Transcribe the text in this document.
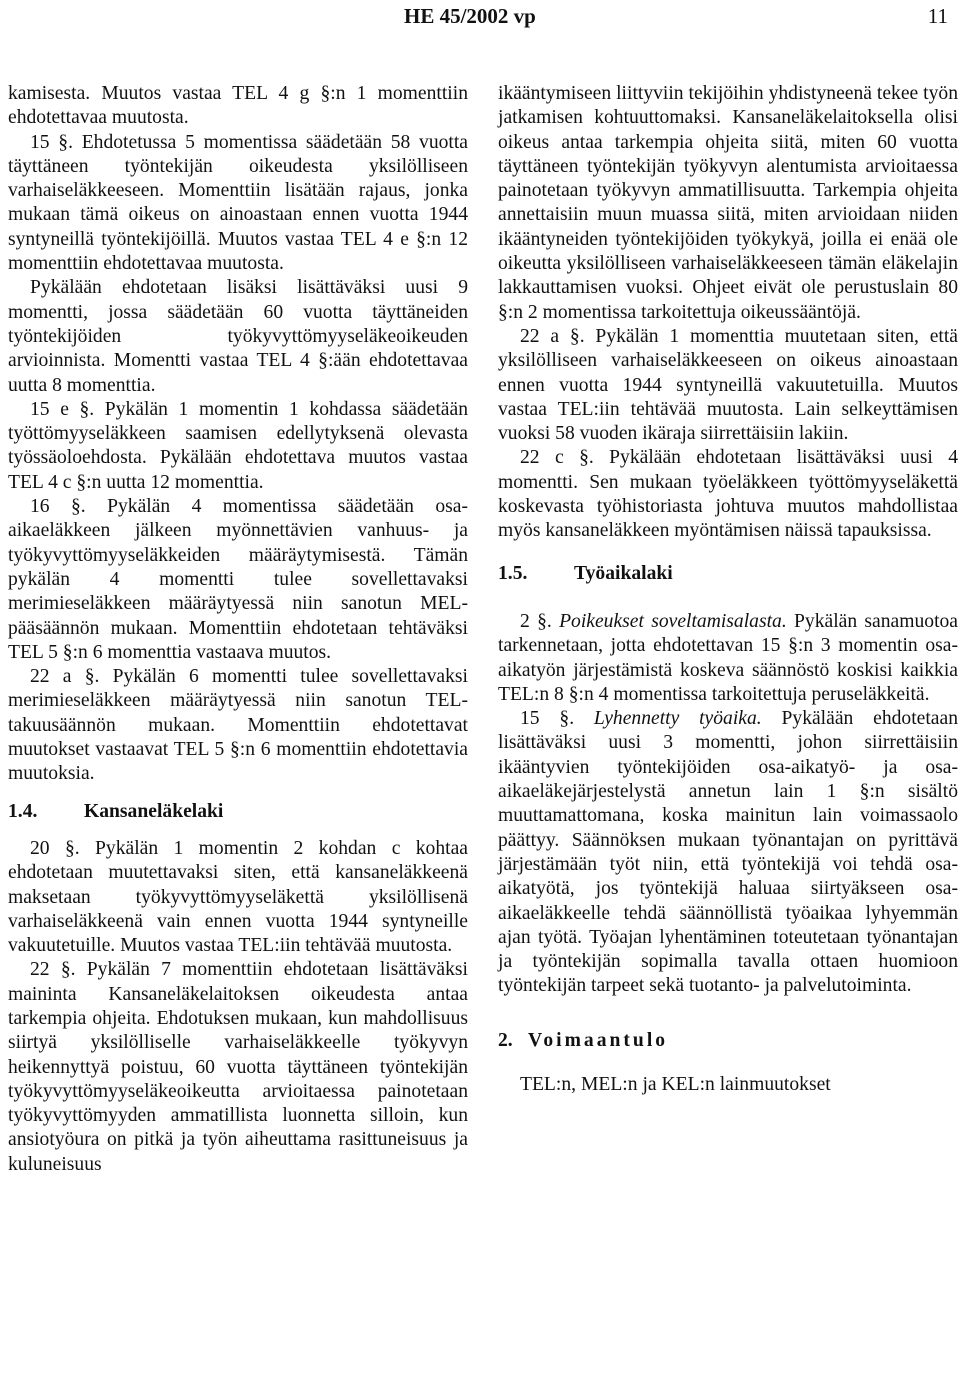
HE 45/2002 vp	11

kamisesta. Muutos vastaa TEL 4 g §:n 1 momenttiin ehdotettavaa muutosta.

15 §. Ehdotetussa 5 momentissa säädetään 58 vuotta täyttäneen työntekijän oikeudesta yksilölliseen varhaiseläkkeeseen. Momenttiin lisätään rajaus, jonka mukaan tämä oikeus on ainoastaan ennen vuotta 1944 syntyneillä työntekijöillä. Muutos vastaa TEL 4 e §:n 12 momenttiin ehdotettavaa muutosta.

Pykälään ehdotetaan lisäksi lisättäväksi uusi 9 momentti, jossa säädetään 60 vuotta täyttäneiden työntekijöiden työkyvyttömyyseläkeoikeuden arvioinnista. Momentti vastaa TEL 4 §:ään ehdotettavaa uutta 8 momenttia.

15 e §. Pykälän 1 momentin 1 kohdassa säädetään työttömyyseläkkeen saamisen edellytyksenä olevasta työssäoloehdosta. Pykälään ehdotettava muutos vastaa TEL 4 c §:n uutta 12 momenttia.

16 §. Pykälän 4 momentissa säädetään osa-aikaeläkkeen jälkeen myönnettävien vanhuus- ja työkyvyttömyyseläkkeiden määräytymisestä. Tämän pykälän 4 momentti tulee sovellettavaksi merimieseläkkeen määräytyessä niin sanotun MEL-pääsäännön mukaan. Momenttiin ehdotetaan tehtäväksi TEL 5 §:n 6 momenttia vastaava muutos.

22 a §. Pykälän 6 momentti tulee sovellettavaksi merimieseläkkeen määräytyessä niin sanotun TEL-takuusäännön mukaan. Momenttiin ehdotettavat muutokset vastaavat TEL 5 §:n 6 momenttiin ehdotettavia muutoksia.

1.4. Kansaneläkelaki

20 §. Pykälän 1 momentin 2 kohdan c kohtaa ehdotetaan muutettavaksi siten, että kansaneläkkeenä maksetaan työkyvyttömyyseläkettä yksilöllisenä varhaiseläkkeenä vain ennen vuotta 1944 syntyneille vakuutetuille. Muutos vastaa TEL:iin tehtävää muutosta.

22 §. Pykälän 7 momenttiin ehdotetaan lisättäväksi maininta Kansaneläkelaitoksen oikeudesta antaa tarkempia ohjeita. Ehdotuksen mukaan, kun mahdollisuus siirtyä yksilölliselle varhaiseläkkeelle työkyvyn heikennyttyä poistuu, 60 vuotta täyttäneen työntekijän työkyvyttömyyseläkeoikeutta arvioitaessa painotetaan työkyvyttömyyden ammatillista luonnetta silloin, kun ansiotyöura on pitkä ja työn aiheuttama rasittuneisuus ja kuluneisuus

ikääntymiseen liittyviin tekijöihin yhdistyneenä tekee työn jatkamisen kohtuuttomaksi. Kansaneläkelaitoksella olisi oikeus antaa tarkempia ohjeita siitä, miten 60 vuotta täyttäneen työntekijän työkyvyn alentumista arvioitaessa painotetaan työkyvyn ammatillisuutta. Tarkempia ohjeita annettaisiin muun muassa siitä, miten arvioidaan niiden ikääntyneiden työntekijöiden työkykyä, joilla ei enää ole oikeutta yksilölliseen varhaiseläkkeeseen tämän eläkelajin lakkauttamisen vuoksi. Ohjeet eivät ole perustuslain 80 §:n 2 momentissa tarkoitettuja oikeussääntöjä.

22 a §. Pykälän 1 momenttia muutetaan siten, että yksilölliseen varhaiseläkkeeseen on oikeus ainoastaan ennen vuotta 1944 syntyneillä vakuutetuilla. Muutos vastaa TEL:iin tehtävää muutosta. Lain selkeyttämisen vuoksi 58 vuoden ikäraja siirrettäisiin lakiin.

22 c §. Pykälään ehdotetaan lisättäväksi uusi 4 momentti. Sen mukaan työeläkkeen työttömyyseläkettä koskevasta työhistoriasta johtuva muutos mahdollistaa myös kansaneläkkeen myöntämisen näissä tapauksissa.

1.5. Työaikalaki

2 §. Poikeukset soveltamisalasta. Pykälän sanamuotoa tarkennetaan, jotta ehdotettavan 15 §:n 3 momentin osa-aikatyön järjestämistä koskeva säännöstö koskisi kaikkia TEL:n 8 §:n 4 momentissa tarkoitettuja peruseläkkeitä.

15 §. Lyhennetty työaika. Pykälään ehdotetaan lisättäväksi uusi 3 momentti, johon siirrettäisiin ikääntyvien työntekijöiden osa-aikatyö- ja osa-aikaeläkejärjestelystä annetun lain 1 §:n sisältö muuttamattomana, koska mainitun lain voimassaolo päättyy. Säännöksen mukaan työnantajan on pyrittävä järjestämään työt niin, että työntekijä voi tehdä osa-aikatyötä, jos työntekijä haluaa siirtyäkseen osa-aikaeläkkeelle tehdä säännöllistä työaikaa lyhyemmän ajan työtä. Työajan lyhentäminen toteutetaan työnantajan ja työntekijän sopimalla tavalla ottaen huomioon työntekijän tarpeet sekä tuotanto- ja palvelutoiminta.

2. Voimaantulo

TEL:n, MEL:n ja KEL:n lainmuutokset
